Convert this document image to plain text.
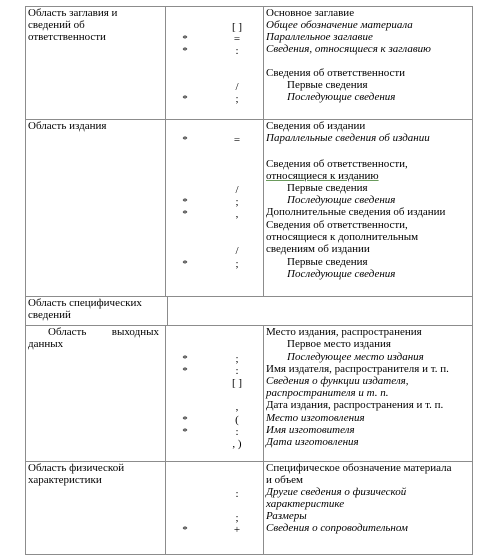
Область заглавия и
сведений об
ответственности
Основное заглавие
Общее обозначение материала
[ ]
Параллельное заглавие
=
*
Сведения, относящиеся к заглавию
:
*
Сведения об ответственности
Первые сведения
/
Последующие сведения
;
*
Область издания	Сведения об издании
Параллельные сведения об издании
=
*
Сведения об ответственности,
относящиеся к изданию
Первые сведения
/
Последующие сведения
;
*
Дополнительные сведения об издании
,
*
Сведения об ответственности,
относящиеся к дополнительным
сведениям об издании
/
Первые сведения
;
*
Последующие сведения
Область специфических
сведений
Область выходных
данных
Место издания, распространения
Первое место издания
Последующее место издания
;
*
Имя издателя, распространителя и т. п.
:
*
Сведения о функции издателя,
[ ]
распространителя и т. п.
Дата издания, распространения и т. п.
,
Место изготовления
(
*
Имя изготовителя
:
*
Дата изготовления
, )
Область физической
характеристики
Специфическое обозначение материала
и объем
Другие сведения о физической
:
характеристике
Размеры
;
Сведения о сопроводительном
+
*
